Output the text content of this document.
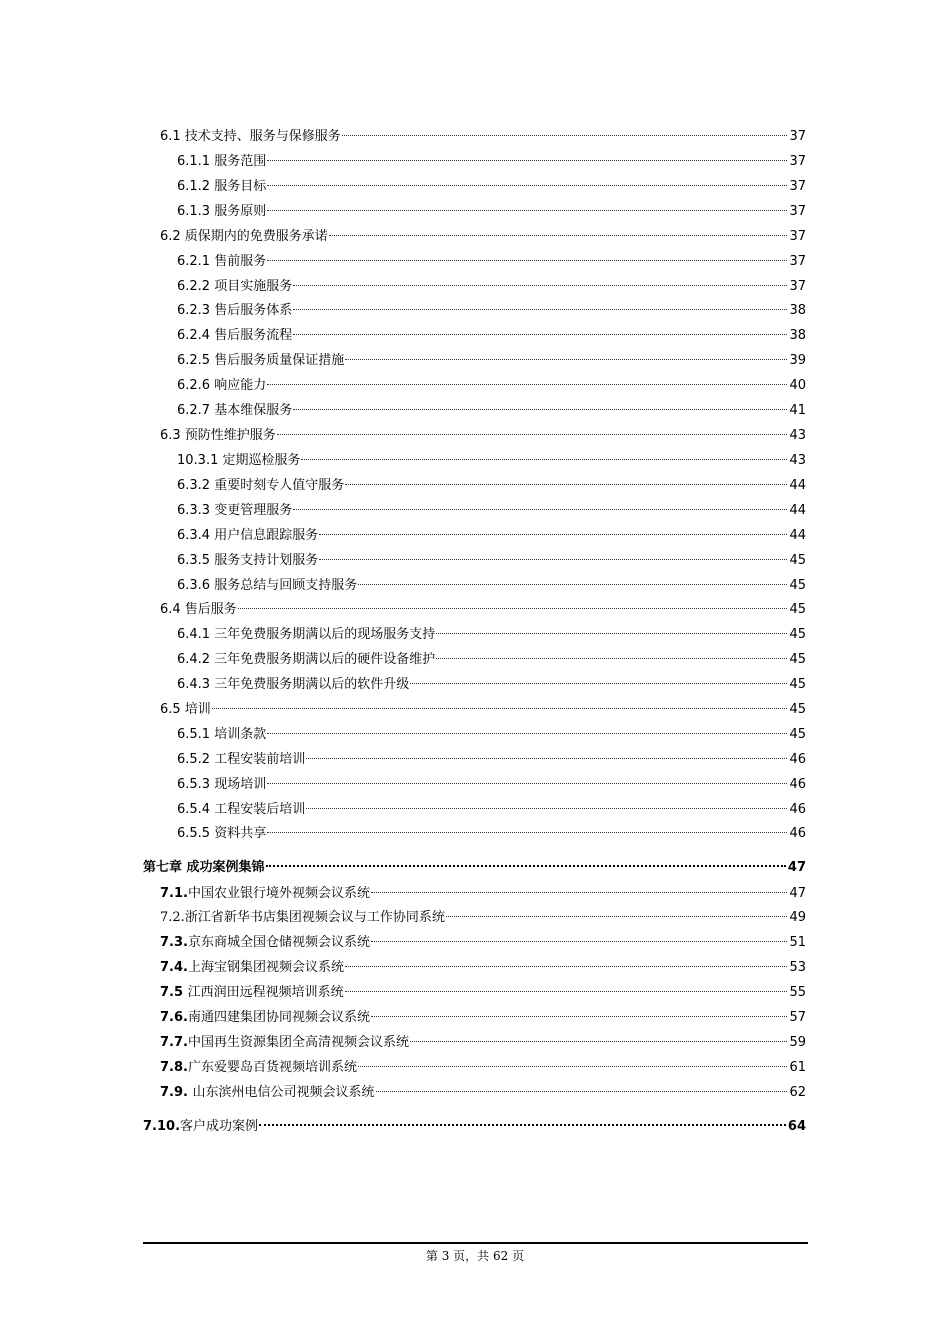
6.1 技术支持、服务与保修服务	37
6.1.1 服务范围	37
6.1.2 服务目标	37
6.1.3 服务原则	37
6.2 质保期内的免费服务承诺	37
6.2.1 售前服务	37
6.2.2 项目实施服务	37
6.2.3 售后服务体系	38
6.2.4 售后服务流程	38
6.2.5 售后服务质量保证措施	39
6.2.6 响应能力	40
6.2.7 基本维保服务	41
6.3 预防性维护服务	43
10.3.1 定期巡检服务	43
6.3.2 重要时刻专人值守服务	44
6.3.3 变更管理服务	44
6.3.4 用户信息跟踪服务	44
6.3.5 服务支持计划服务	45
6.3.6 服务总结与回顾支持服务	45
6.4 售后服务	45
6.4.1 三年免费服务期满以后的现场服务支持	45
6.4.2 三年免费服务期满以后的硬件设备维护	45
6.4.3 三年免费服务期满以后的软件升级	45
6.5 培训	45
6.5.1 培训条款	45
6.5.2 工程安装前培训	46
6.5.3 现场培训	46
6.5.4 工程安装后培训	46
6.5.5 资料共享	46
第七章 成功案例集锦	47
7.1.中国农业银行境外视频会议系统	47
7.2.浙江省新华书店集团视频会议与工作协同系统	49
7.3.京东商城全国仓储视频会议系统	51
7.4.上海宝钢集团视频会议系统	53
7.5 江西润田远程视频培训系统	55
7.6.南通四建集团协同视频会议系统	57
7.7.中国再生资源集团全高清视频会议系统	59
7.8.广东爱婴岛百货视频培训系统	61
7.9. 山东滨州电信公司视频会议系统	62
7.10.客户成功案例	64
第 3 页，共 62 页
